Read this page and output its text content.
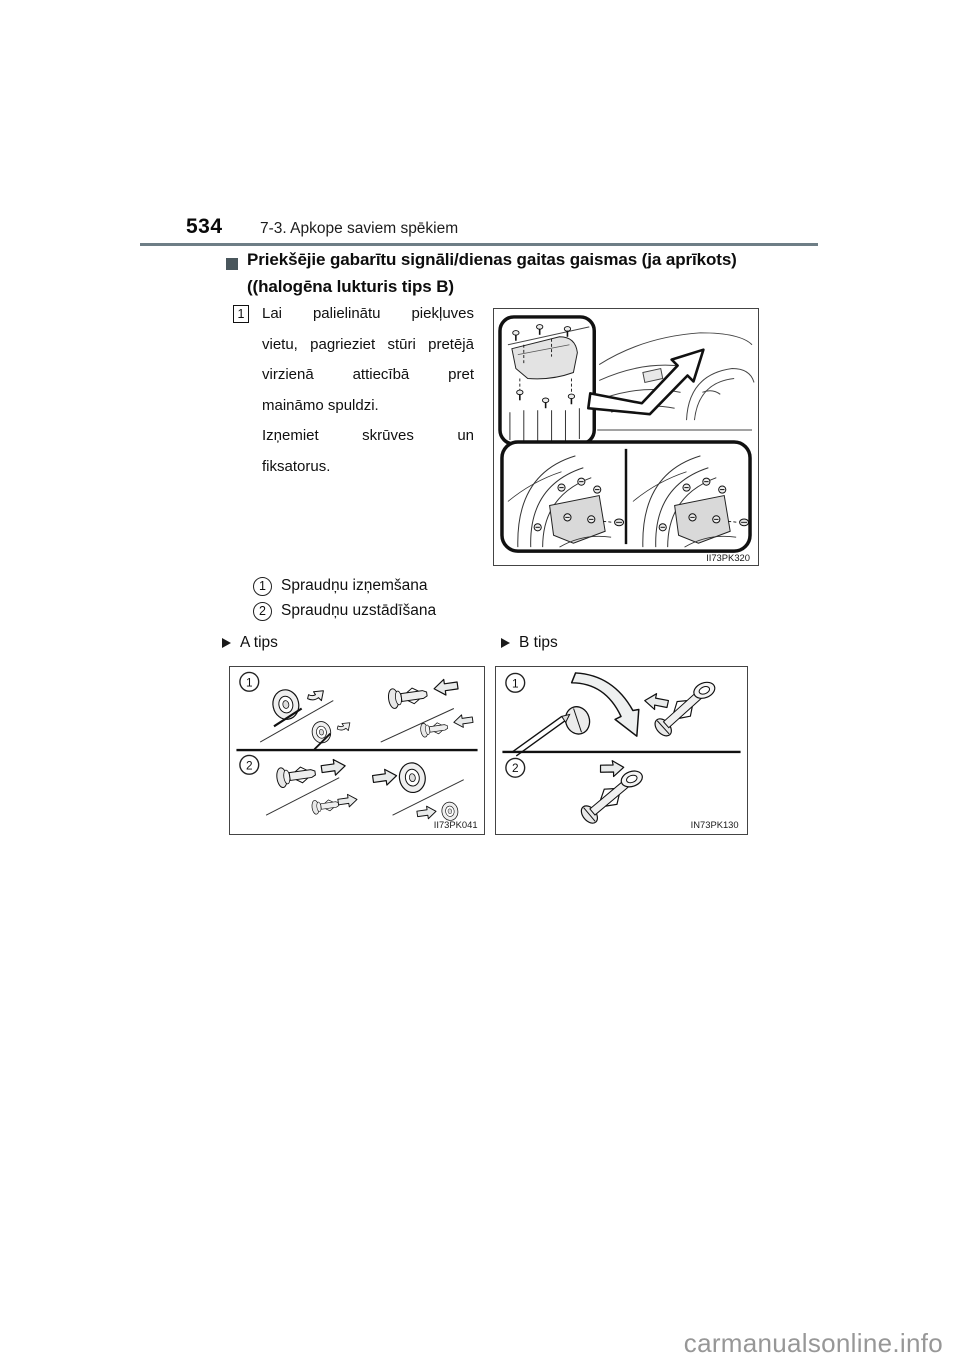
534 7-3. Apkope saviem spēkiem
Priekšējie gabarītu signāli/dienas gaitas gaismas (ja aprīkots)
((halogēna lukturis tips B)
1	Lai palielinātu piekļuves
vietu, pagrieziet stūri pretējā
virzienā attiecībā pret
maināmo spuldzi.
Izņemiet skrūves un
fiksatorus.
II73PK320
1 Spraudņu izņemšana
2 Spraudņu uzstādīšana
A tips	B tips
1
2
II73PK041
1
2
IN73PK130
carmanualsonline.info
